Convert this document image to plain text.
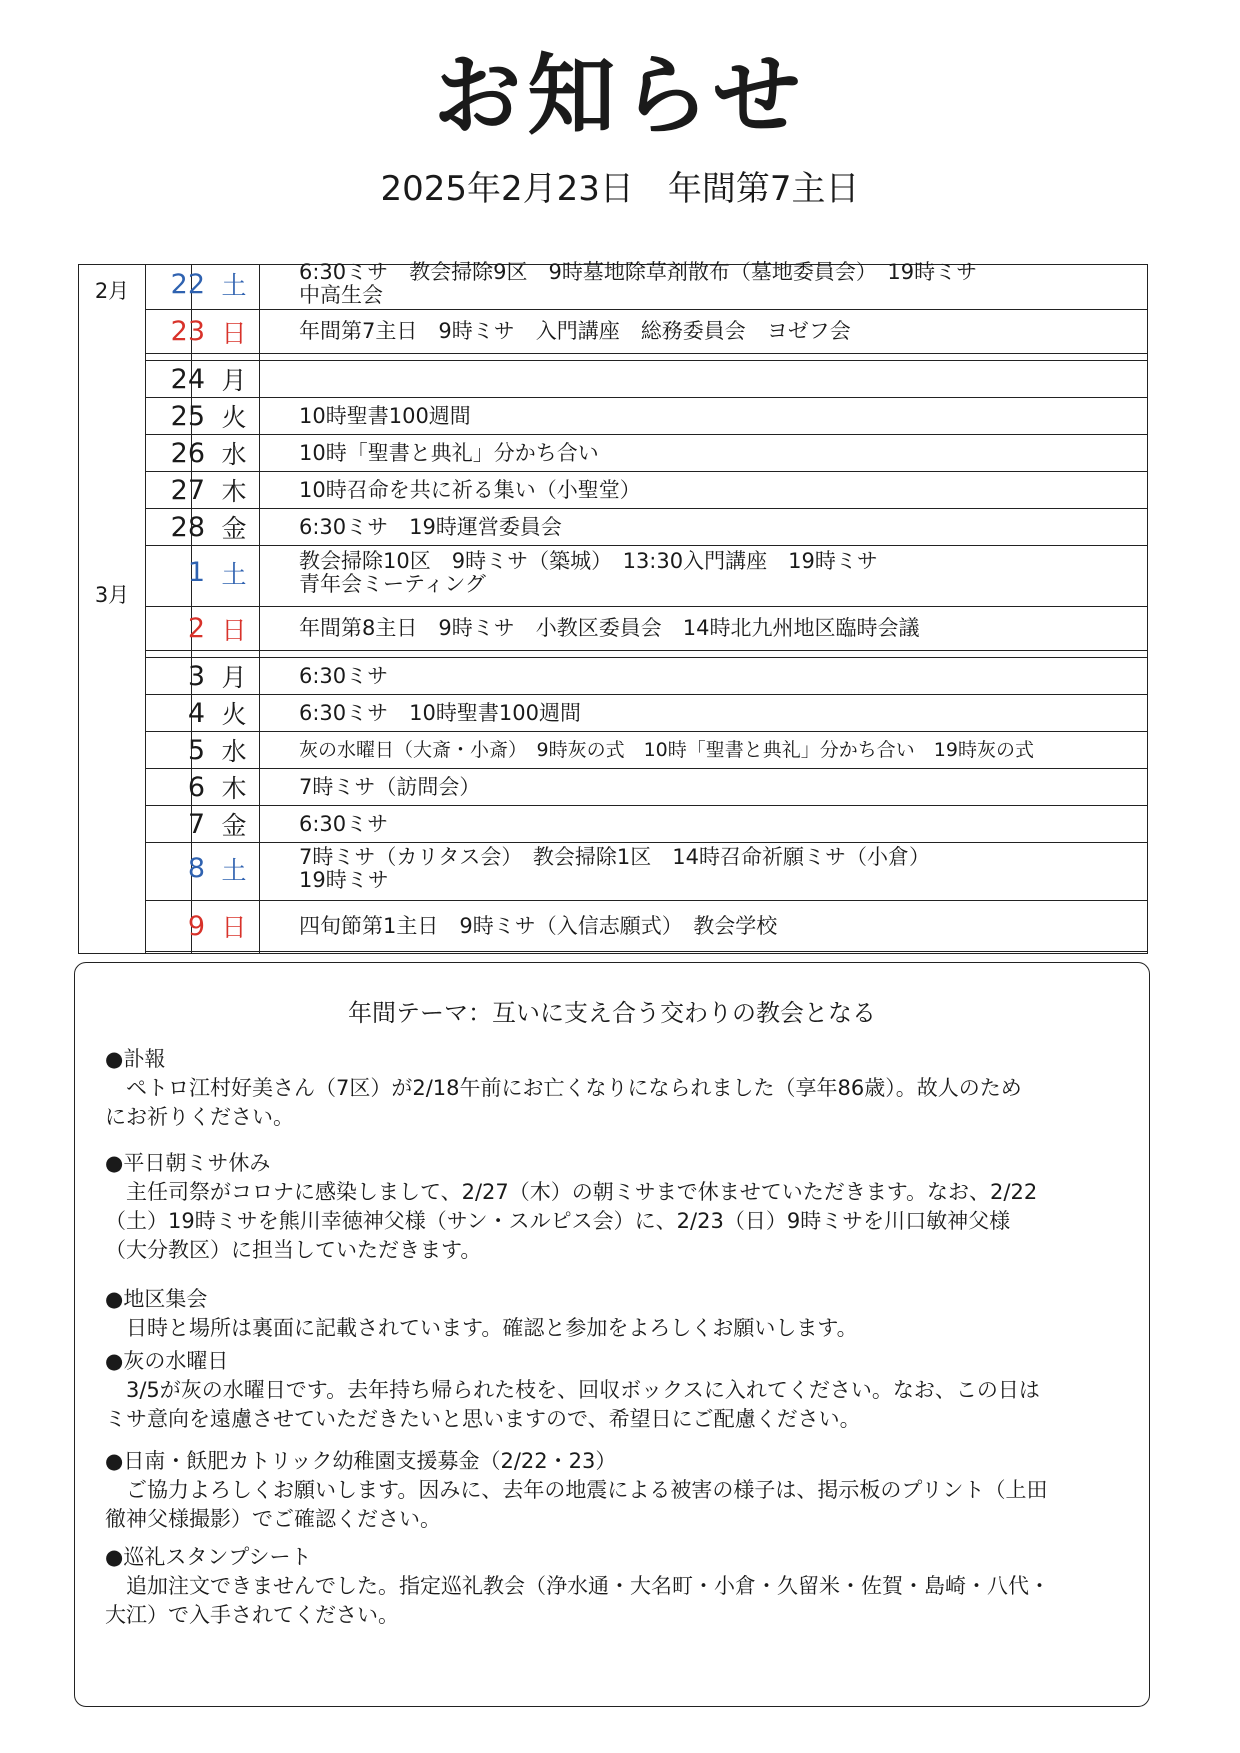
お知らせ
2025年2月23日　年間第7主日
2月
3月
22 土	6:30ミサ　教会掃除9区　9時墓地除草剤散布（墓地委員会）　19時ミサ
中高生会
23 日	年間第7主日　9時ミサ　入門講座　総務委員会　ヨゼフ会
24 月
25 火	10時聖書100週間
26 水	10時「聖書と典礼」分かち合い
27 木	10時召命を共に祈る集い（小聖堂）
28 金	6:30ミサ　19時運営委員会
1 土	教会掃除10区　9時ミサ（築城）　13:30入門講座　19時ミサ
青年会ミーティング
2 日	年間第8主日　9時ミサ　小教区委員会　14時北九州地区臨時会議
3 月	6:30ミサ
4 火	6:30ミサ　10時聖書100週間
5 水	灰の水曜日（大斎・小斎）　9時灰の式　10時「聖書と典礼」分かち合い　19時灰の式
6 木	7時ミサ（訪問会）
7 金	6:30ミサ
8 土	7時ミサ（カリタス会）　教会掃除1区　14時召命祈願ミサ（小倉）
19時ミサ
9 日	四旬節第1主日　9時ミサ（入信志願式）　教会学校
年間テーマ：互いに支え合う交わりの教会となる
●訃報
　ペトロ江村好美さん（7区）が2/18午前にお亡くなりになられました（享年86歳）。故人のため
にお祈りください。
●平日朝ミサ休み
　主任司祭がコロナに感染しまして、2/27（木）の朝ミサまで休ませていただきます。なお、2/22
（土）19時ミサを熊川幸徳神父様（サン・スルピス会）に、2/23（日）9時ミサを川口敏神父様
（大分教区）に担当していただきます。
●地区集会
　日時と場所は裏面に記載されています。確認と参加をよろしくお願いします。
●灰の水曜日
　3/5が灰の水曜日です。去年持ち帰られた枝を、回収ボックスに入れてください。なお、この日は
ミサ意向を遠慮させていただきたいと思いますので、希望日にご配慮ください。
●日南・飫肥カトリック幼稚園支援募金（2/22・23）
　ご協力よろしくお願いします。因みに、去年の地震による被害の様子は、掲示板のプリント（上田
徹神父様撮影）でご確認ください。
●巡礼スタンプシート
　追加注文できませんでした。指定巡礼教会（浄水通・大名町・小倉・久留米・佐賀・島崎・八代・
大江）で入手されてください。
